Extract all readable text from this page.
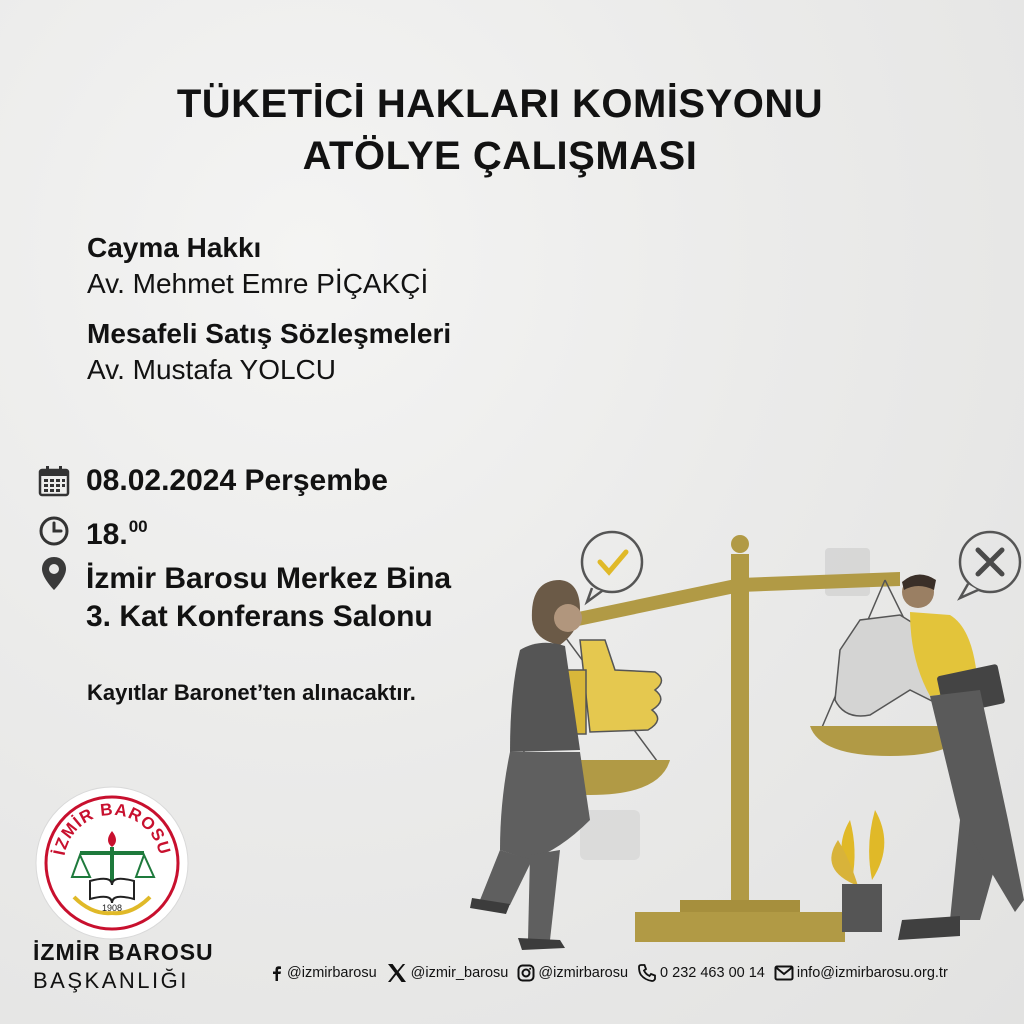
TÜKETİCİ HAKLARI KOMİSYONU
ATÖLYE ÇALIŞMASI
Cayma Hakkı
Av. Mehmet Emre PİÇAKÇİ
Mesafeli Satış Sözleşmeleri
Av. Mustafa YOLCU
08.02.2024 Perşembe
18.00
İzmir Barosu Merkez Bina
3. Kat Konferans Salonu
Kayıtlar Baronet’ten alınacaktır.
İZMİR BAROSU
1908
İZMİR BAROSU
BAŞKANLIĞI	@izmirbarosu @izmir_barosu @izmirbarosu 0 232 463 00 14 info@izmirbarosu.org.tr
